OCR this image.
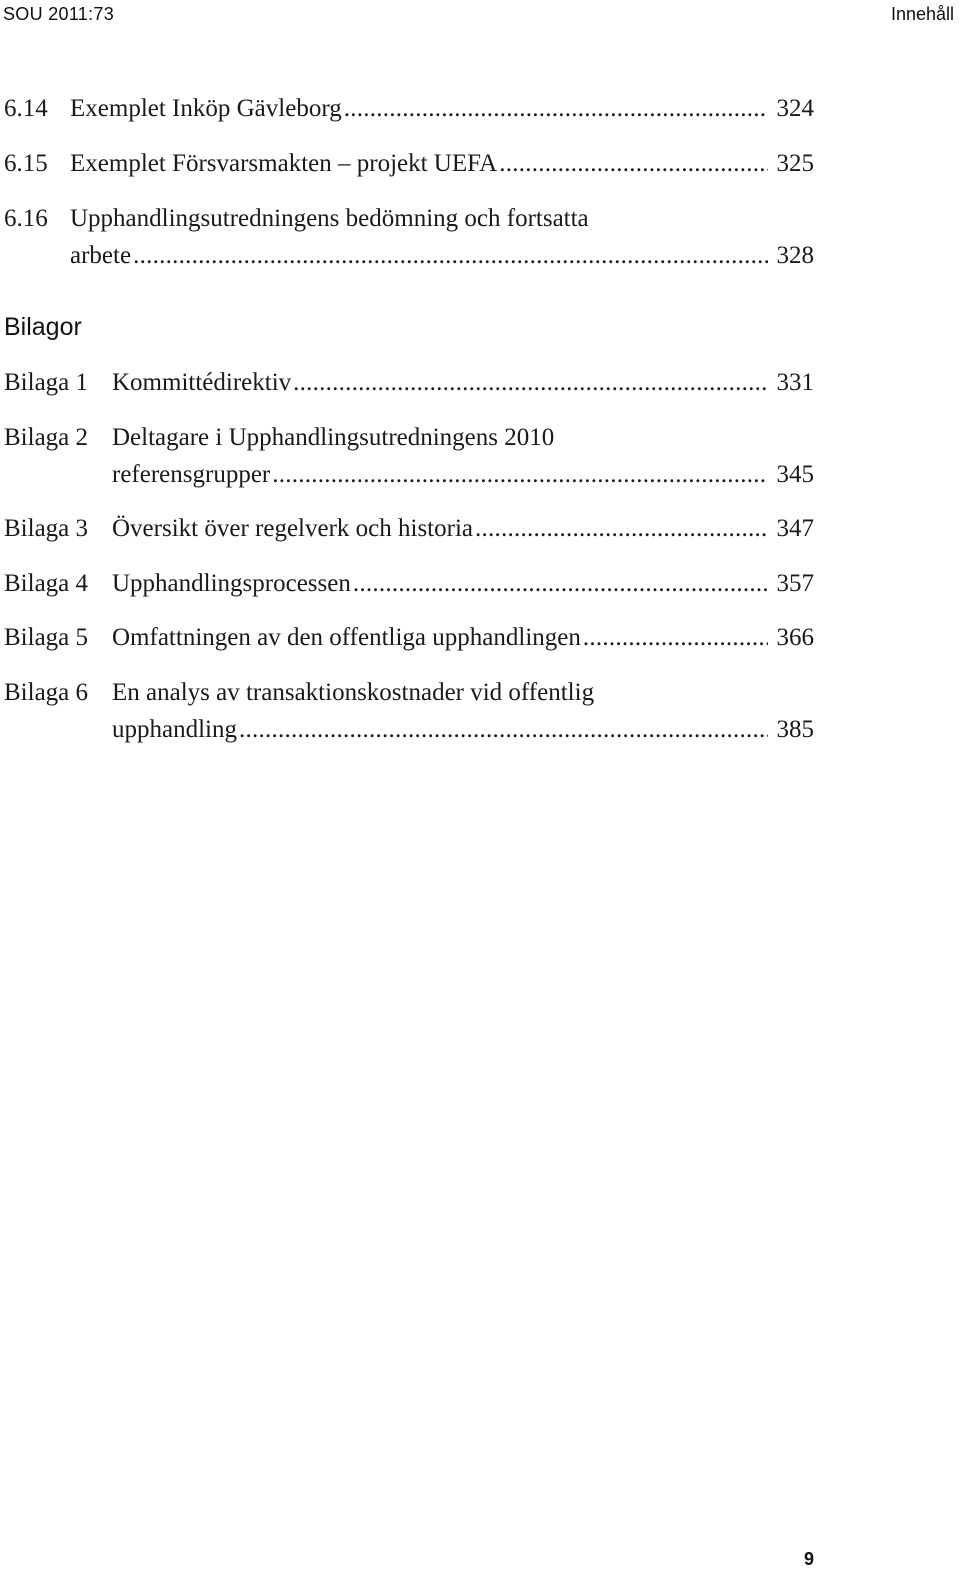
SOU 2011:73	Innehåll
6.14 Exemplet Inköp Gävleborg . . .	324
6.15 Exemplet Försvarsmakten – projekt UEFA . . .	325
6.16 Upphandlingsutredningens bedömning och fortsatta
arbete . . .	328
Bilagor
Bilaga 1 Kommittédirektiv . . .	331
Bilaga 2 Deltagare i Upphandlingsutredningens 2010
referensgrupper . . .	345
Bilaga 3 Översikt över regelverk och historia . . .	347
Bilaga 4 Upphandlingsprocessen . . .	357
Bilaga 5 Omfattningen av den offentliga upphandlingen . . .	366
Bilaga 6 En analys av transaktionskostnader vid offentlig
upphandling . . .	385
9
